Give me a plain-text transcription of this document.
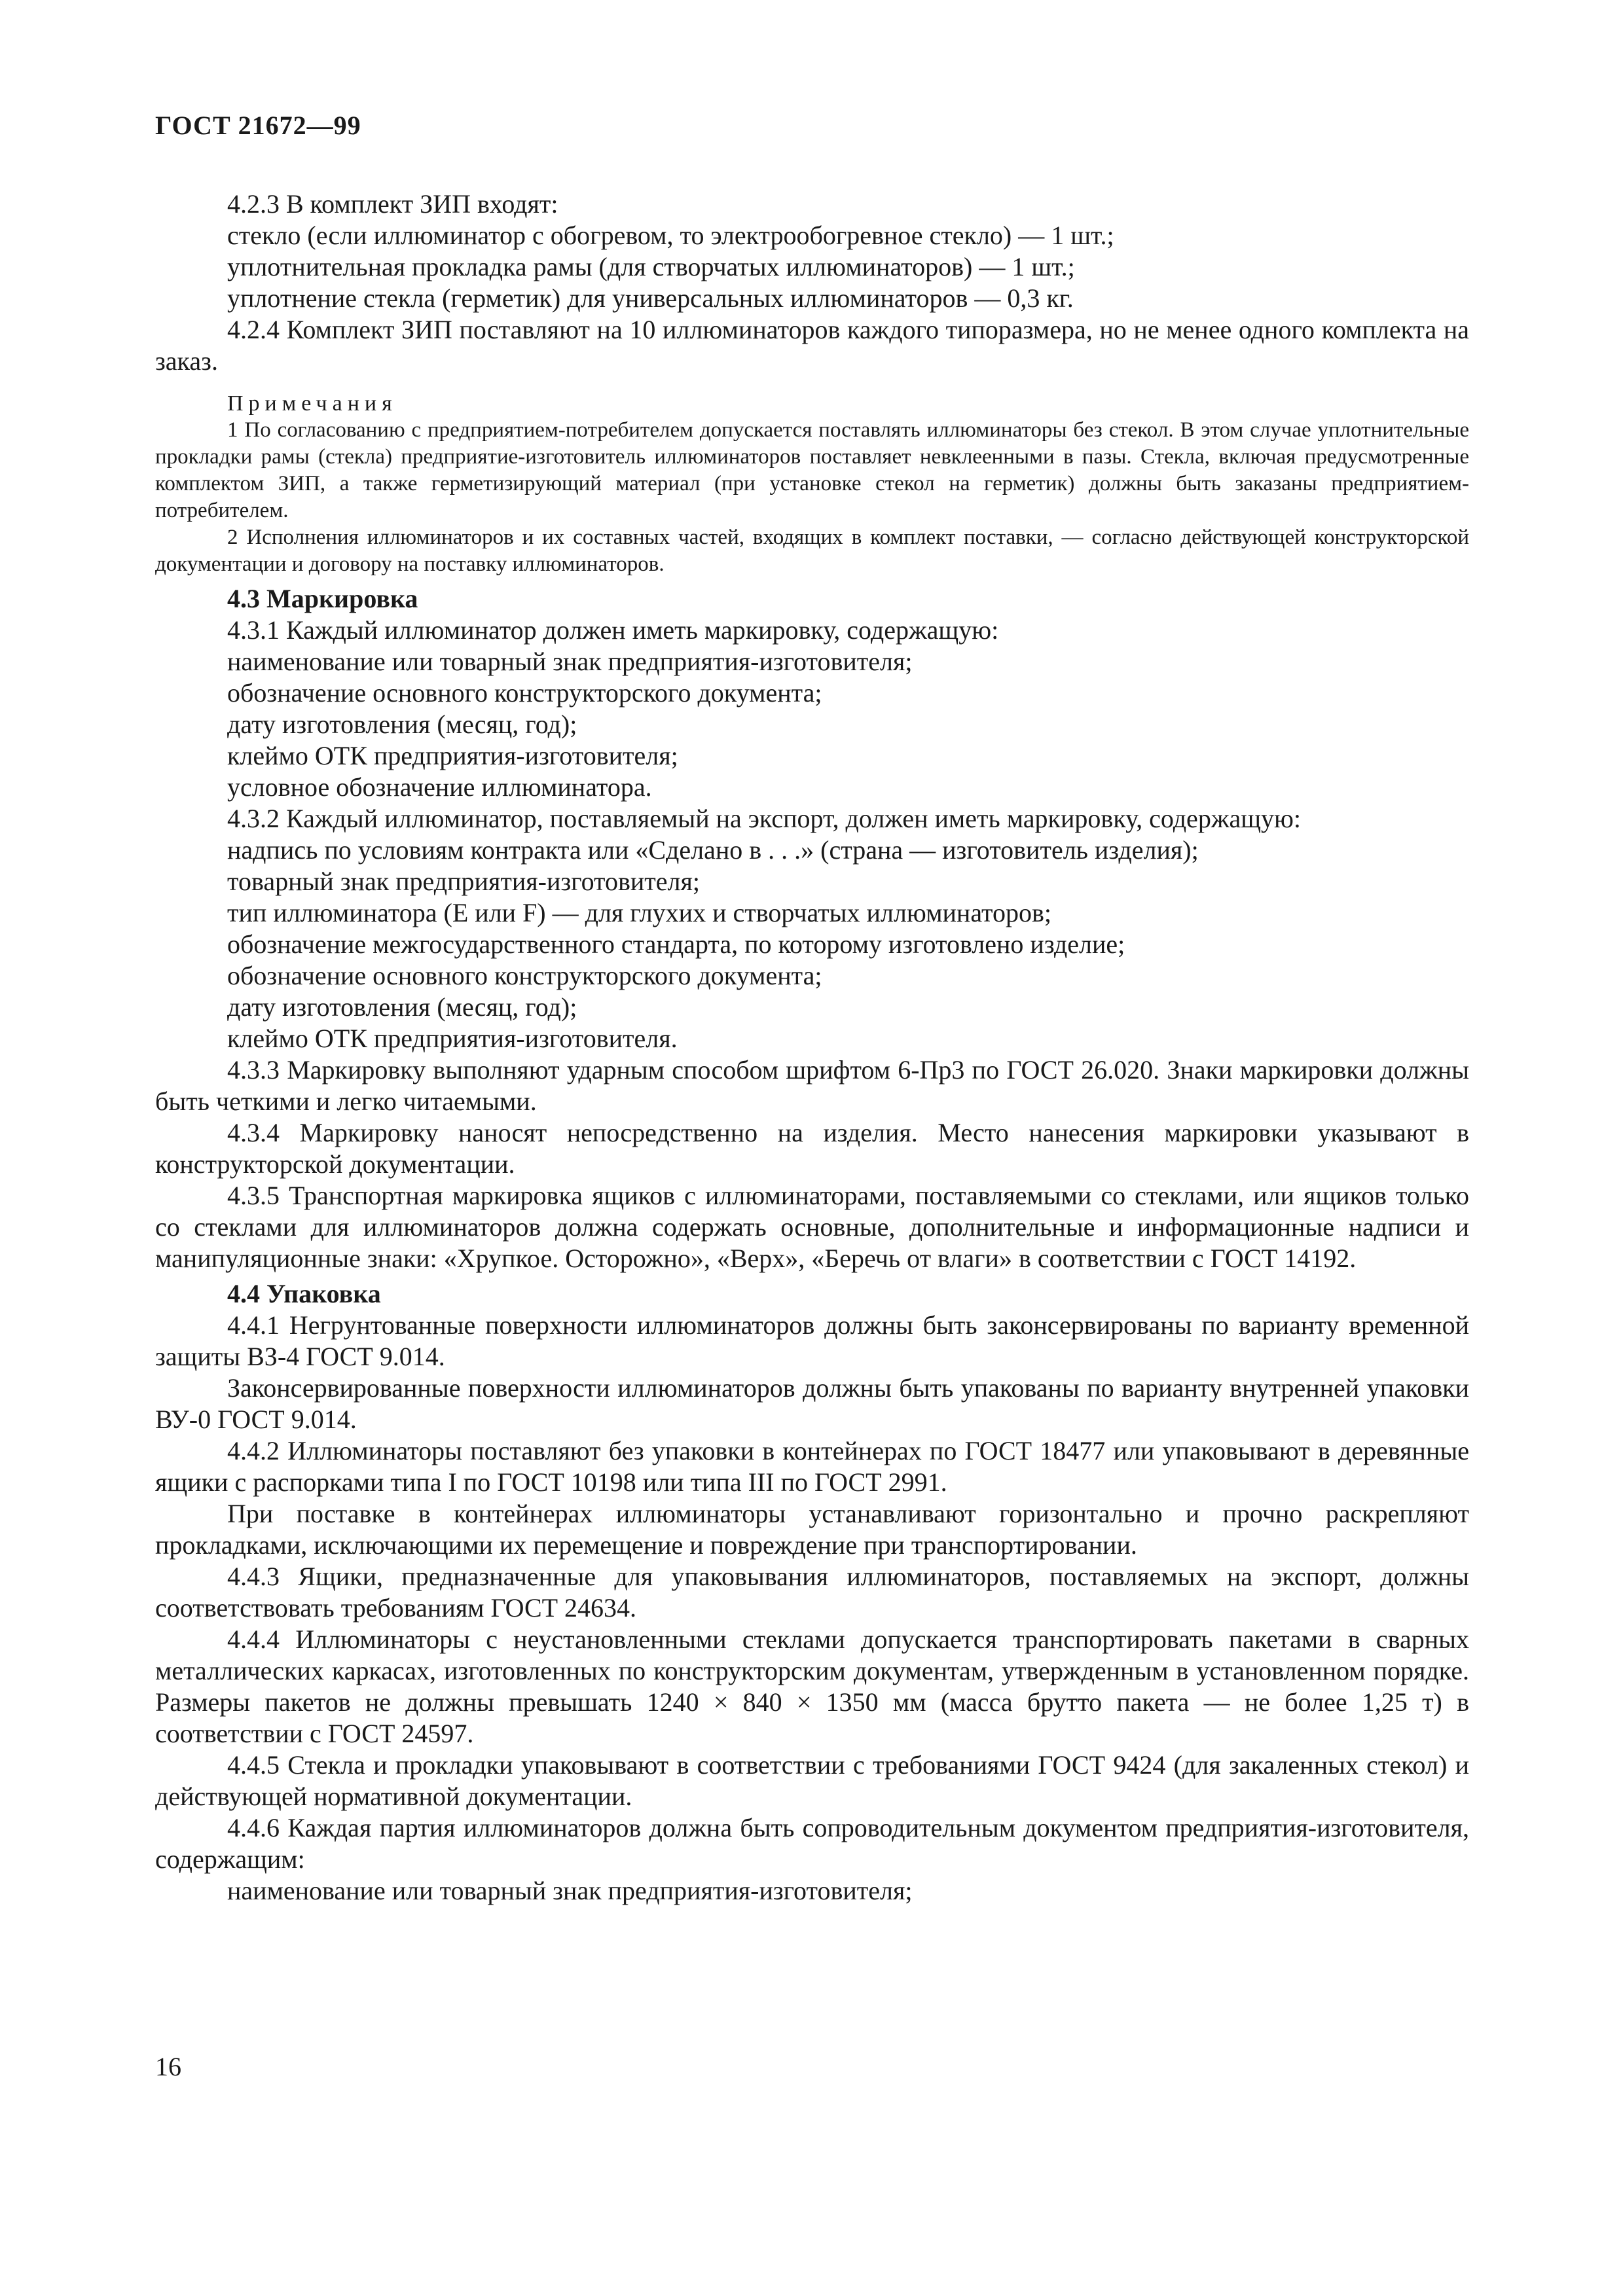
ГОСТ 21672—99

4.2.3 В комплект ЗИП входят:

стекло (если иллюминатор с обогревом, то электрообогревное стекло) — 1 шт.;

уплотнительная прокладка рамы (для створчатых иллюминаторов) — 1 шт.;

уплотнение стекла (герметик) для универсальных иллюминаторов — 0,3 кг.

4.2.4 Комплект ЗИП поставляют на 10 иллюминаторов каждого типоразмера, но не менее одного комплекта на заказ.

Примечания

1 По согласованию с предприятием-потребителем допускается поставлять иллюминаторы без стекол. В этом случае уплотнительные прокладки рамы (стекла) предприятие-изготовитель иллюминаторов поставляет невклеенными в пазы. Стекла, включая предусмотренные комплектом ЗИП, а также герметизирующий материал (при установке стекол на герметик) должны быть заказаны предприятием-потребителем.

2 Исполнения иллюминаторов и их составных частей, входящих в комплект поставки, — согласно действующей конструкторской документации и договору на поставку иллюминаторов.

4.3 Маркировка

4.3.1 Каждый иллюминатор должен иметь маркировку, содержащую:

наименование или товарный знак предприятия-изготовителя;

обозначение основного конструкторского документа;

дату изготовления (месяц, год);

клеймо ОТК предприятия-изготовителя;

условное обозначение иллюминатора.

4.3.2 Каждый иллюминатор, поставляемый на экспорт, должен иметь маркировку, содержащую:

надпись по условиям контракта или «Сделано в . . .» (страна — изготовитель изделия);

товарный знак предприятия-изготовителя;

тип иллюминатора (Е или F) — для глухих и створчатых иллюминаторов;

обозначение межгосударственного стандарта, по которому изготовлено изделие;

обозначение основного конструкторского документа;

дату изготовления (месяц, год);

клеймо ОТК предприятия-изготовителя.

4.3.3 Маркировку выполняют ударным способом шрифтом 6-Пр3 по ГОСТ 26.020. Знаки маркировки должны быть четкими и легко читаемыми.

4.3.4 Маркировку наносят непосредственно на изделия. Место нанесения маркировки указывают в конструкторской документации.

4.3.5 Транспортная маркировка ящиков с иллюминаторами, поставляемыми со стеклами, или ящиков только со стеклами для иллюминаторов должна содержать основные, дополнительные и информационные надписи и манипуляционные знаки: «Хрупкое. Осторожно», «Верх», «Беречь от влаги» в соответствии с ГОСТ 14192.

4.4 Упаковка

4.4.1 Негрунтованные поверхности иллюминаторов должны быть законсервированы по варианту временной защиты ВЗ-4 ГОСТ 9.014.

Законсервированные поверхности иллюминаторов должны быть упакованы по варианту внутренней упаковки ВУ-0 ГОСТ 9.014.

4.4.2 Иллюминаторы поставляют без упаковки в контейнерах по ГОСТ 18477 или упаковывают в деревянные ящики с распорками типа I по ГОСТ 10198 или типа III по ГОСТ 2991.

При поставке в контейнерах иллюминаторы устанавливают горизонтально и прочно раскрепляют прокладками, исключающими их перемещение и повреждение при транспортировании.

4.4.3 Ящики, предназначенные для упаковывания иллюминаторов, поставляемых на экспорт, должны соответствовать требованиям ГОСТ 24634.

4.4.4 Иллюминаторы с неустановленными стеклами допускается транспортировать пакетами в сварных металлических каркасах, изготовленных по конструкторским документам, утвержденным в установленном порядке. Размеры пакетов не должны превышать 1240 × 840 × 1350 мм (масса брутто пакета — не более 1,25 т) в соответствии с ГОСТ 24597.

4.4.5 Стекла и прокладки упаковывают в соответствии с требованиями ГОСТ 9424 (для закаленных стекол) и действующей нормативной документации.

4.4.6 Каждая партия иллюминаторов должна быть сопроводительным документом предприятия-изготовителя, содержащим:

наименование или товарный знак предприятия-изготовителя;

16
